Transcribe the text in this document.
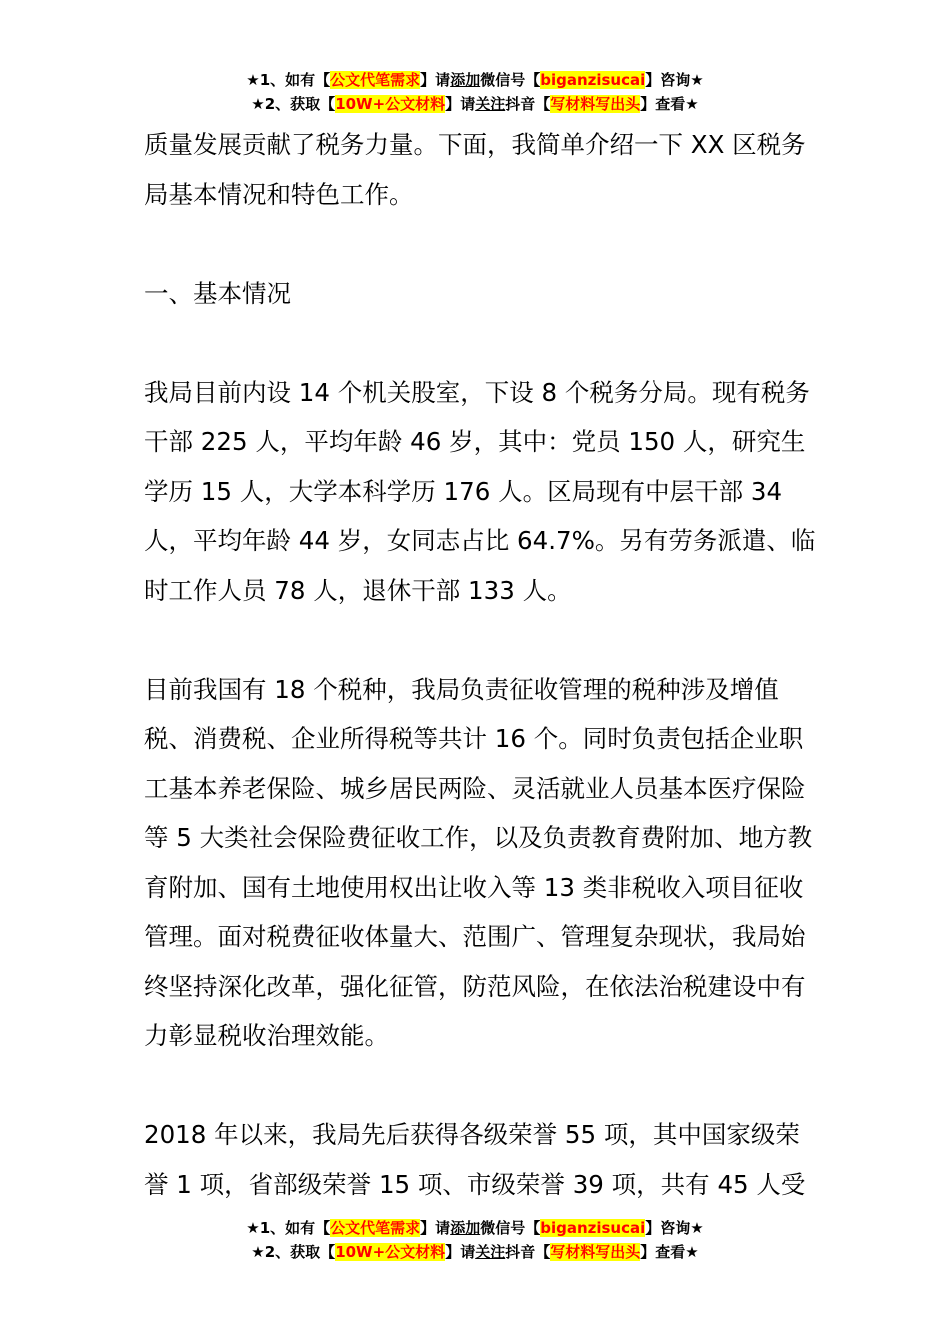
★1、如有【公文代笔需求】请添加微信号【biganzisucai】咨询★
★2、获取【10W+公文材料】请关注抖音【写材料写出头】查看★

质量发展贡献了税务力量。下面，我简单介绍一下 XX 区税务局基本情况和特色工作。

一、基本情况

我局目前内设 14 个机关股室，下设 8 个税务分局。现有税务干部 225 人，平均年龄 46 岁，其中：党员 150 人，研究生学历 15 人，大学本科学历 176 人。区局现有中层干部 34 人，平均年龄 44 岁，女同志占比 64.7%。另有劳务派遣、临时工作人员 78 人，退休干部 133 人。

目前我国有 18 个税种，我局负责征收管理的税种涉及增值税、消费税、企业所得税等共计 16 个。同时负责包括企业职工基本养老保险、城乡居民两险、灵活就业人员基本医疗保险等 5 大类社会保险费征收工作，以及负责教育费附加、地方教育附加、国有土地使用权出让收入等 13 类非税收入项目征收管理。面对税费征收体量大、范围广、管理复杂现状，我局始终坚持深化改革，强化征管，防范风险，在依法治税建设中有力彰显税收治理效能。

2018 年以来，我局先后获得各级荣誉 55 项，其中国家级荣誉 1 项，省部级荣誉 15 项、市级荣誉 39 项，共有 45 人受

★1、如有【公文代笔需求】请添加微信号【biganzisucai】咨询★
★2、获取【10W+公文材料】请关注抖音【写材料写出头】查看★
